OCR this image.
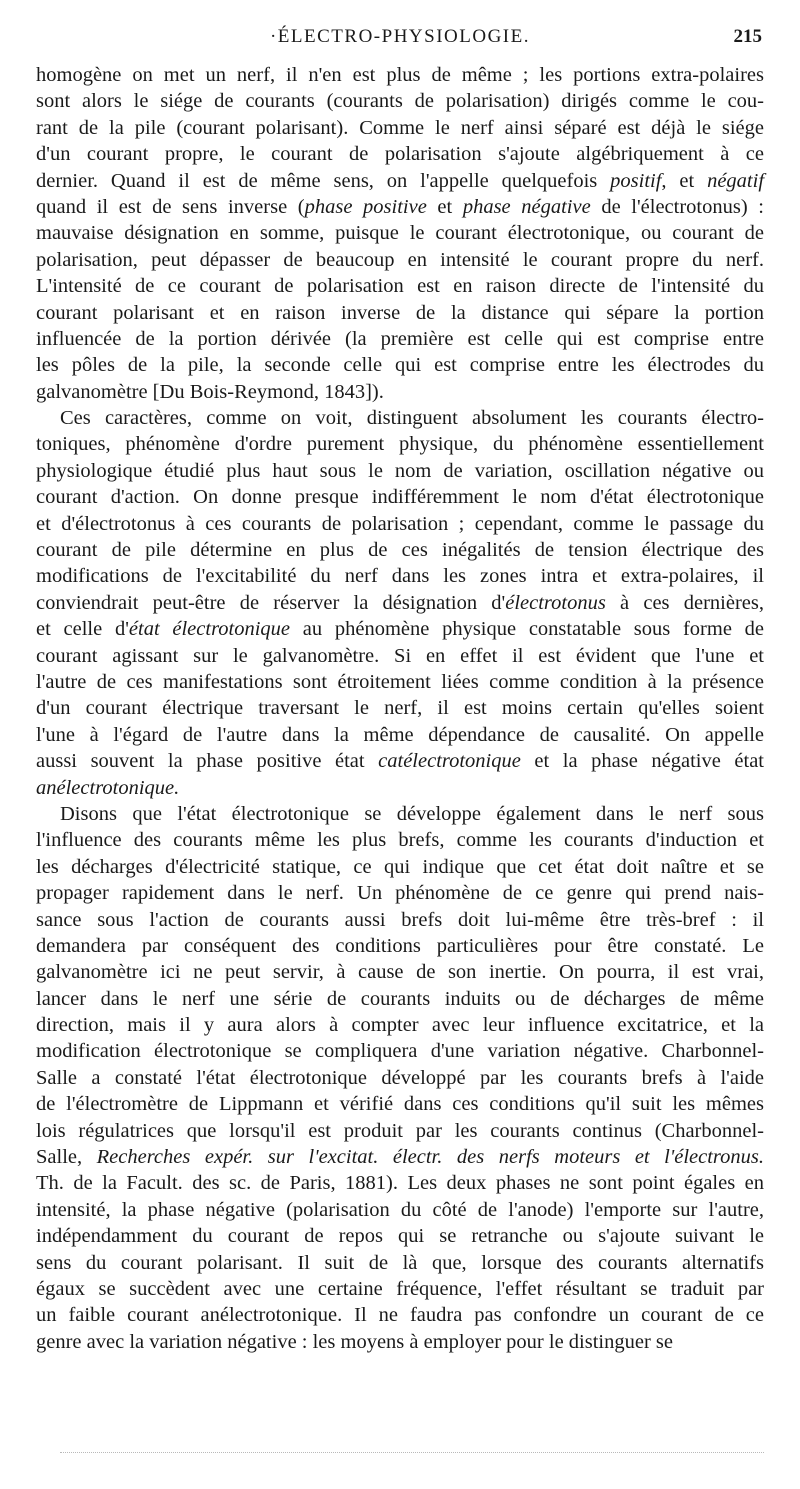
·ÉLECTRO-PHYSIOLOGIE.	215
homogène on met un nerf, il n'en est plus de même ; les portions extra-polaires
sont alors le siége de courants (courants de polarisation) dirigés comme le cou-
rant de la pile (courant polarisant). Comme le nerf ainsi séparé est déjà le siége
d'un courant propre, le courant de polarisation s'ajoute algébriquement à ce
dernier. Quand il est de même sens, on l'appelle quelquefois positif, et négatif
quand il est de sens inverse (phase positive et phase négative de l'électrotonus) :
mauvaise désignation en somme, puisque le courant électrotonique, ou courant de
polarisation, peut dépasser de beaucoup en intensité le courant propre du nerf.
L'intensité de ce courant de polarisation est en raison directe de l'intensité du
courant polarisant et en raison inverse de la distance qui sépare la portion
influencée de la portion dérivée (la première est celle qui est comprise entre
les pôles de la pile, la seconde celle qui est comprise entre les électrodes du
galvanomètre [Du Bois-Reymond, 1843]).
Ces caractères, comme on voit, distinguent absolument les courants électro-
toniques, phénomène d'ordre purement physique, du phénomène essentiellement
physiologique étudié plus haut sous le nom de variation, oscillation négative ou
courant d'action. On donne presque indifféremment le nom d'état électrotonique
et d'électrotonus à ces courants de polarisation ; cependant, comme le passage du
courant de pile détermine en plus de ces inégalités de tension électrique des
modifications de l'excitabilité du nerf dans les zones intra et extra-polaires, il
conviendrait peut-être de réserver la désignation d'électrotonus à ces dernières,
et celle d'état électrotonique au phénomène physique constatable sous forme de
courant agissant sur le galvanomètre. Si en effet il est évident que l'une et
l'autre de ces manifestations sont étroitement liées comme condition à la présence
d'un courant électrique traversant le nerf, il est moins certain qu'elles soient
l'une à l'égard de l'autre dans la même dépendance de causalité. On appelle
aussi souvent la phase positive état catélectrotonique et la phase négative état
anélectrotonique.
Disons que l'état électrotonique se développe également dans le nerf sous
l'influence des courants même les plus brefs, comme les courants d'induction et
les décharges d'électricité statique, ce qui indique que cet état doit naître et se
propager rapidement dans le nerf. Un phénomène de ce genre qui prend nais-
sance sous l'action de courants aussi brefs doit lui-même être très-bref : il
demandera par conséquent des conditions particulières pour être constaté. Le
galvanomètre ici ne peut servir, à cause de son inertie. On pourra, il est vrai,
lancer dans le nerf une série de courants induits ou de décharges de même
direction, mais il y aura alors à compter avec leur influence excitatrice, et la
modification électrotonique se compliquera d'une variation négative. Charbonnel-
Salle a constaté l'état électrotonique développé par les courants brefs à l'aide
de l'électromètre de Lippmann et vérifié dans ces conditions qu'il suit les mêmes
lois régulatrices que lorsqu'il est produit par les courants continus (Charbonnel-
Salle, Recherches expér. sur l'excitat. électr. des nerfs moteurs et l'électronus.
Th. de la Facult. des sc. de Paris, 1881). Les deux phases ne sont point égales en
intensité, la phase négative (polarisation du côté de l'anode) l'emporte sur l'autre,
indépendamment du courant de repos qui se retranche ou s'ajoute suivant le
sens du courant polarisant. Il suit de là que, lorsque des courants alternatifs
égaux se succèdent avec une certaine fréquence, l'effet résultant se traduit par
un faible courant anélectrotonique. Il ne faudra pas confondre un courant de ce
genre avec la variation négative : les moyens à employer pour le distinguer se
